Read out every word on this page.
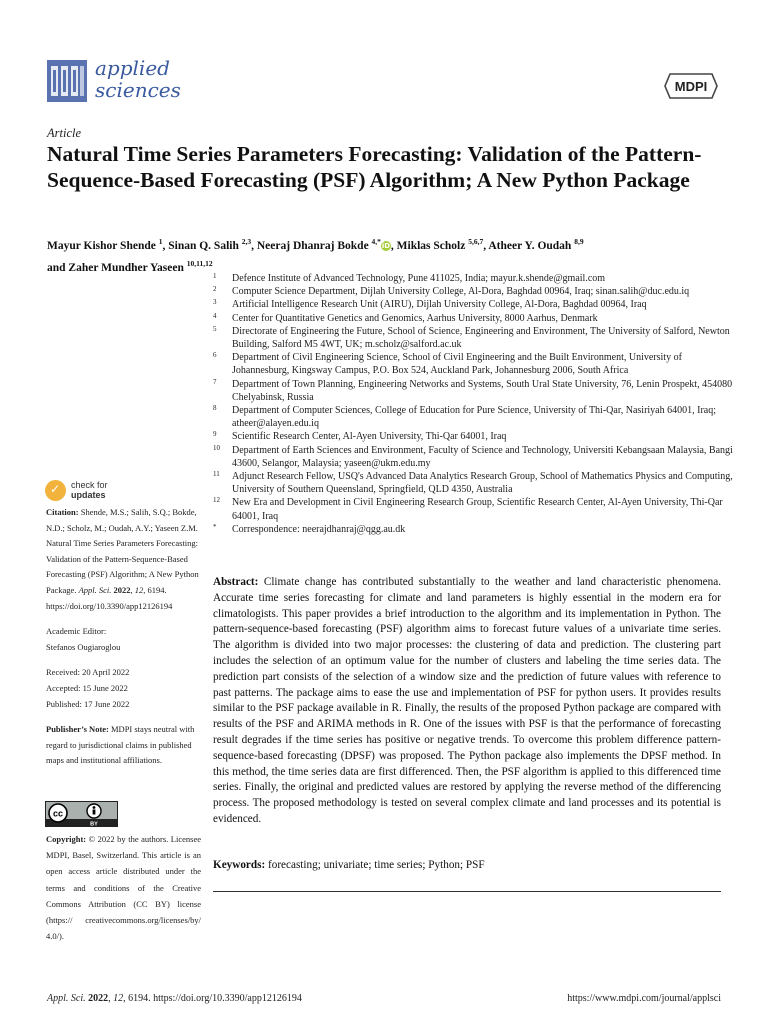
applied
sciences	MDPI
Article
Natural Time Series Parameters Forecasting: Validation of the Pattern-Sequence-Based Forecasting (PSF) Algorithm; A New Python Package
Mayur Kishor Shende $^1$, Sinan Q. Salih $^{2,3}$, Neeraj Dhanraj Bokde $^{4,*}$iD, Miklas Scholz $^{5,6,7}$, Atheer Y. Oudah $^{8,9}$
and Zaher Mundher Yaseen $^{10,11,12}$
1 Defence Institute of Advanced Technology, Pune 411025, India; mayur.k.shende@gmail.com
2 Computer Science Department, Dijlah University College, Al-Dora, Baghdad 00964, Iraq; sinan.salih@duc.edu.iq
3 Artificial Intelligence Research Unit (AIRU), Dijlah University College, Al-Dora, Baghdad 00964, Iraq
4 Center for Quantitative Genetics and Genomics, Aarhus University, 8000 Aarhus, Denmark
5 Directorate of Engineering the Future, School of Science, Engineering and Environment, The University of Salford, Newton Building, Salford M5 4WT, UK; m.scholz@salford.ac.uk
6 Department of Civil Engineering Science, School of Civil Engineering and the Built Environment, University of Johannesburg, Kingsway Campus, P.O. Box 524, Auckland Park, Johannesburg 2006, South Africa
7 Department of Town Planning, Engineering Networks and Systems, South Ural State University, 76, Lenin Prospekt, 454080 Chelyabinsk, Russia
8 Department of Computer Sciences, College of Education for Pure Science, University of Thi-Qar, Nasiriyah 64001, Iraq; atheer@alayen.edu.iq
9 Scientific Research Center, Al-Ayen University, Thi-Qar 64001, Iraq
10 Department of Earth Sciences and Environment, Faculty of Science and Technology, Universiti Kebangsaan Malaysia, Bangi 43600, Selangor, Malaysia; yaseen@ukm.edu.my
11 Adjunct Research Fellow, USQ's Advanced Data Analytics Research Group, School of Mathematics Physics and Computing, University of Southern Queensland, Springfield, QLD 4350, Australia
12 New Era and Development in Civil Engineering Research Group, Scientific Research Center, Al-Ayen University, Thi-Qar 64001, Iraq
* Correspondence: neerajdhanraj@qgg.au.dk
✓ check for
updates

Citation: Shende, M.S.; Salih, S.Q.; Bokde, N.D.; Scholz, M.; Oudah, A.Y.; Yaseen Z.M. Natural Time Series Parameters Forecasting: Validation of the Pattern-Sequence-Based Forecasting (PSF) Algorithm; A New Python Package. Appl. Sci. 2022, 12, 6194. https://doi.org/10.3390/app12126194

Academic Editor:

Stefanos Ougiaroglou

Received: 20 April 2022

Accepted: 15 June 2022

Published: 17 June 2022

Publisher’s Note: MDPI stays neutral with regard to jurisdictional claims in published maps and institutional affiliations.

cc
BY

Copyright: © 2022 by the authors. Licensee MDPI, Basel, Switzerland. This article is an open access article distributed under the terms and conditions of the Creative Commons Attribution (CC BY) license (https:// creativecommons.org/licenses/by/ 4.0/).

Abstract: Climate change has contributed substantially to the weather and land characteristic phenomena. Accurate time series forecasting for climate and land parameters is highly essential in the modern era for climatologists. This paper provides a brief introduction to the algorithm and its implementation in Python. The pattern-sequence-based forecasting (PSF) algorithm aims to forecast future values of a univariate time series. The algorithm is divided into two major processes: the clustering of data and prediction. The clustering part includes the selection of an optimum value for the number of clusters and labeling the time series data. The prediction part consists of the selection of a window size and the prediction of future values with reference to past patterns. The package aims to ease the use and implementation of PSF for python users. It provides results similar to the PSF package available in R. Finally, the results of the proposed Python package are compared with results of the PSF and ARIMA methods in R. One of the issues with PSF is that the performance of forecasting result degrades if the time series has positive or negative trends. To overcome this problem difference pattern-sequence-based forecasting (DPSF) was proposed. The Python package also implements the DPSF method. In this method, the time series data are first differenced. Then, the PSF algorithm is applied to this differenced time series. Finally, the original and predicted values are restored by applying the reverse method of the differencing process. The proposed methodology is tested on several complex climate and land processes and its potential is evidenced.

Keywords: forecasting; univariate; time series; Python; PSF
Appl. Sci. 2022, 12, 6194. https://doi.org/10.3390/app12126194	https://www.mdpi.com/journal/applsci
